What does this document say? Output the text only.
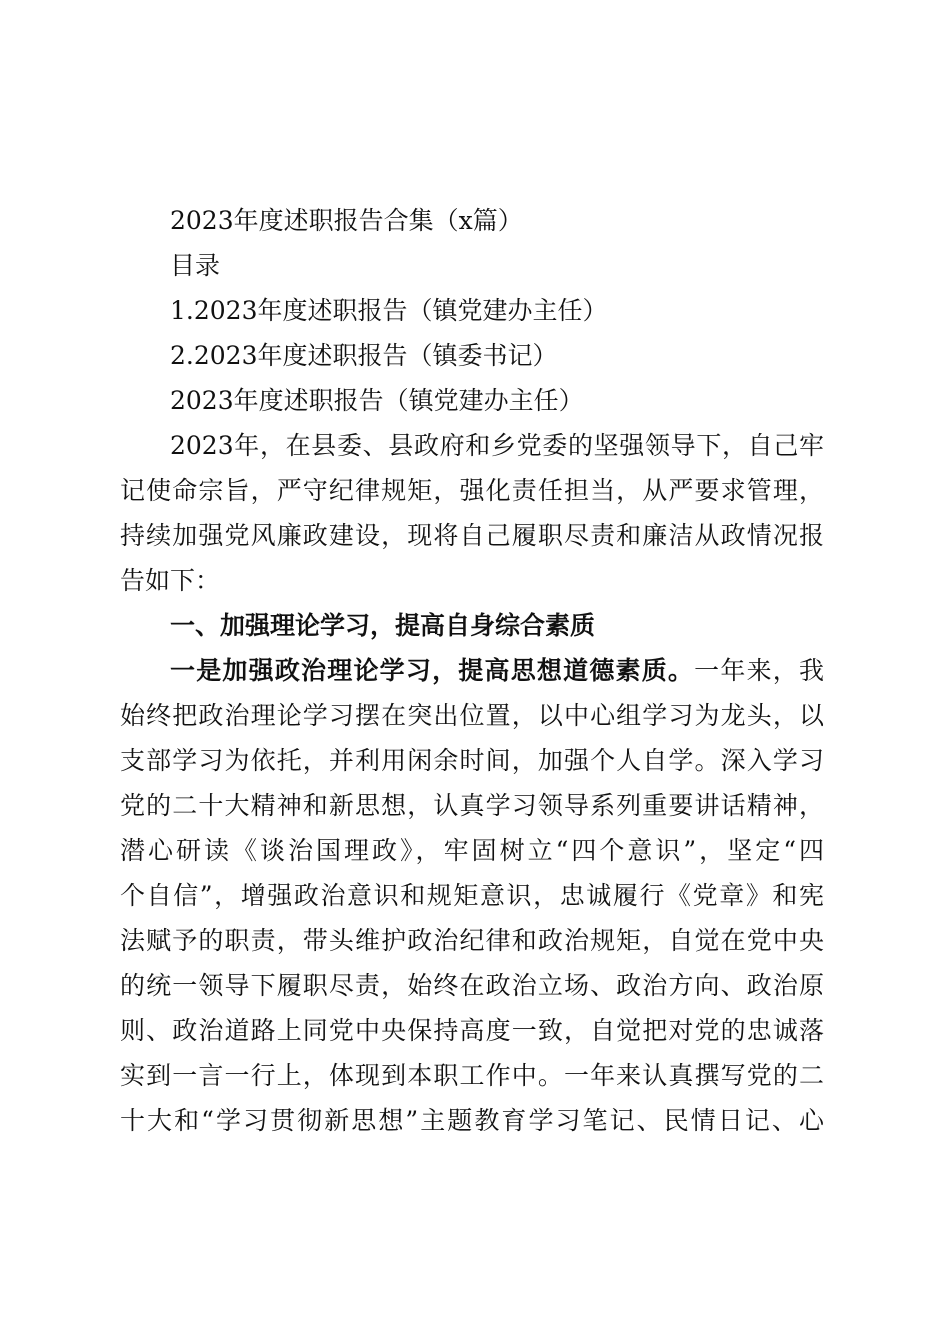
2023年度述职报告合集（x篇）
目录
1.2023年度述职报告（镇党建办主任）
2.2023年度述职报告（镇委书记）
2023年度述职报告（镇党建办主任）
2023年，在县委、县政府和乡党委的坚强领导下，自己牢
记使命宗旨，严守纪律规矩，强化责任担当，从严要求管理，
持续加强党风廉政建设，现将自己履职尽责和廉洁从政情况报
告如下：
一、加强理论学习，提高自身综合素质
一是加强政治理论学习，提高思想道德素质。一年来，我
始终把政治理论学习摆在突出位置，以中心组学习为龙头，以
支部学习为依托，并利用闲余时间，加强个人自学。深入学习
党的二十大精神和新思想，认真学习领导系列重要讲话精神，
潜心研读《谈治国理政》，牢固树立“四个意识”，坚定“四
个自信”，增强政治意识和规矩意识，忠诚履行《党章》和宪
法赋予的职责，带头维护政治纪律和政治规矩，自觉在党中央
的统一领导下履职尽责，始终在政治立场、政治方向、政治原
则、政治道路上同党中央保持高度一致，自觉把对党的忠诚落
实到一言一行上，体现到本职工作中。一年来认真撰写党的二
十大和“学习贯彻新思想”主题教育学习笔记、民情日记、心
